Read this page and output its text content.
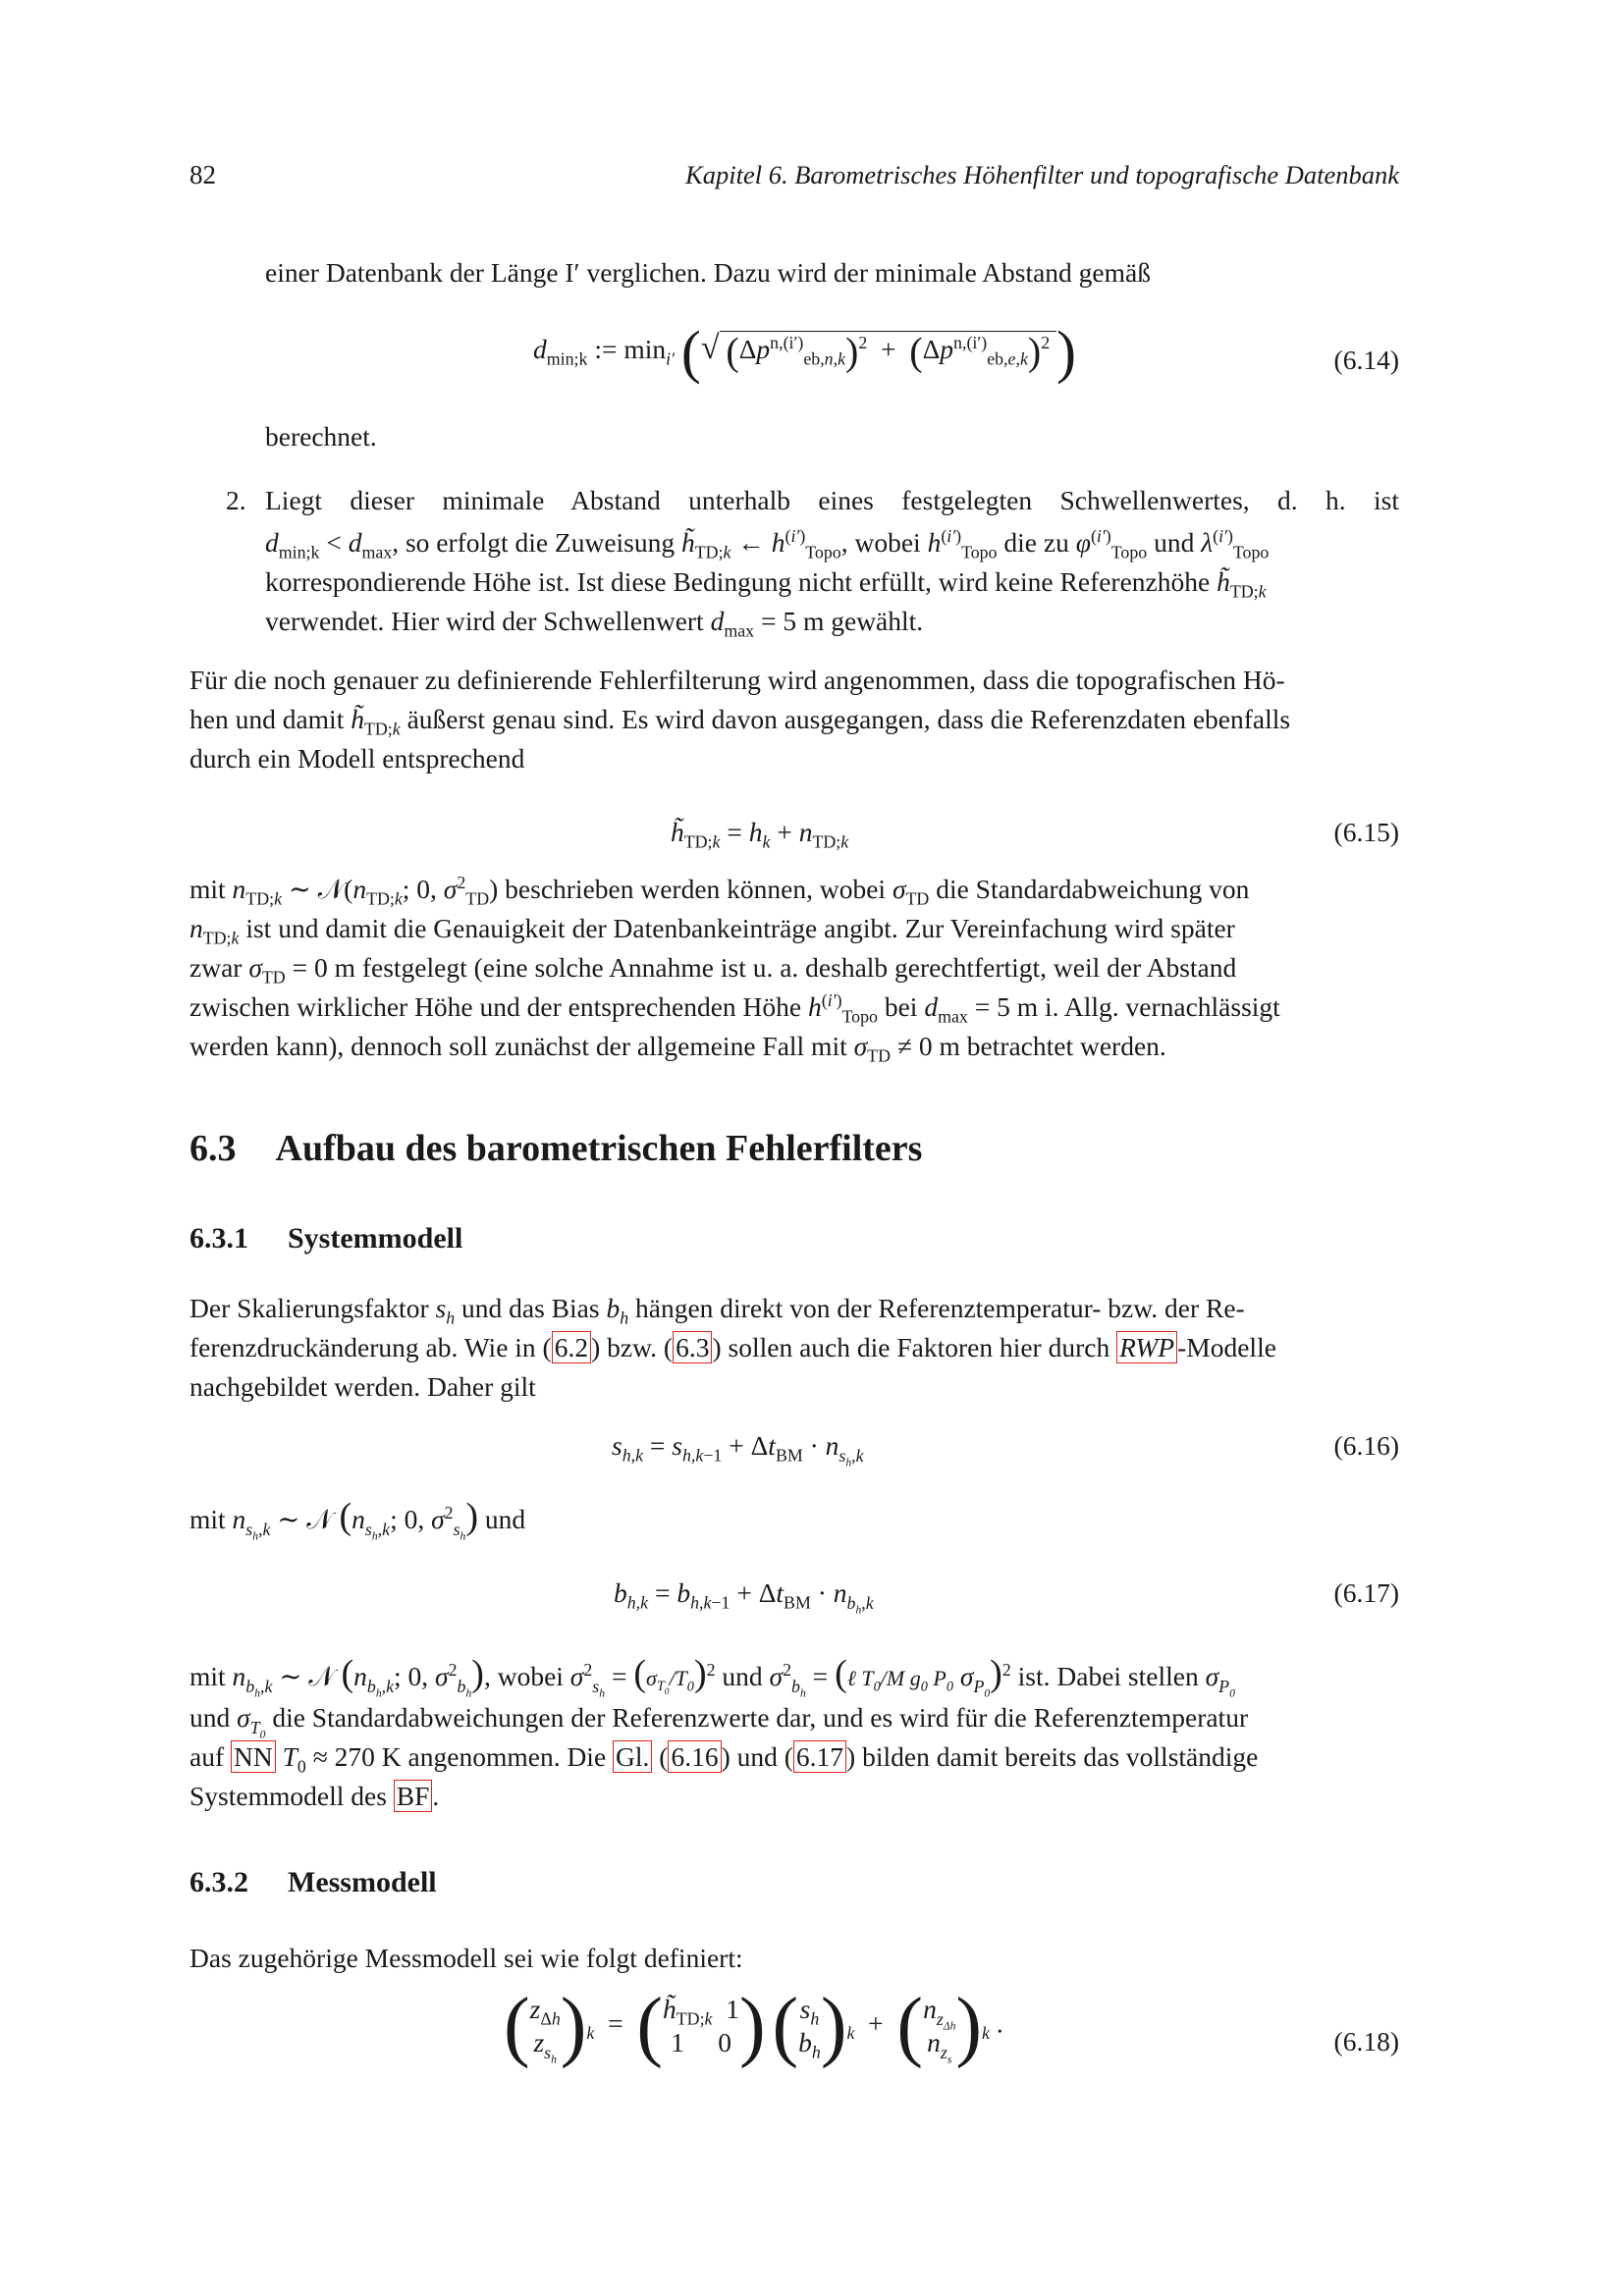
82	Kapitel 6. Barometrisches Höhenfilter und topografische Datenbank

einer Datenbank der Länge I′ verglichen. Dazu wird der minimale Abstand gemäß

$d_{min;k}$ := $\min_{i'}$ (√ $(\Delta p^{n,(i')}_{eb,n,k})^2 + (\Delta p^{n,(i')}_{eb,e,k})^2$ )	(6.14)

berechnet.

2. Liegt dieser minimale Abstand unterhalb eines festgelegten Schwellenwertes, d. h. ist

$d_{min;k} < d_{max}$, so erfolgt die Zuweisung $h̃_{TD;k}$ ← $h^{(i')}_{Topo}$, wobei $h^{(i')}_{Topo}$ die zu $\varphi^{(i')}_{Topo}$ und $\lambda^{(i')}_{Topo}$

korrespondierende Höhe ist. Ist diese Bedingung nicht erfüllt, wird keine Referenzhöhe $h̃_{TD;k}$

verwendet. Hier wird der Schwellenwert $d_{max} = 5$ m gewählt.

Für die noch genauer zu definierende Fehlerfilterung wird angenommen, dass die topografischen Hö-

hen und damit $h̃_{TD;k}$ äußerst genau sind. Es wird davon ausgegangen, dass die Referenzdaten ebenfalls

durch ein Modell entsprechend

$h̃_{TD;k} = h_k + n_{TD;k}$	(6.15)

mit $n_{TD;k}$ ∼ $𝒩(n_{TD;k}$; 0, $\sigma^2_{TD}$) beschrieben werden können, wobei $\sigma_{TD}$ die Standardabweichung von

$n_{TD;k}$ ist und damit die Genauigkeit der Datenbankeinträge angibt. Zur Vereinfachung wird später

zwar $\sigma_{TD} = 0$ m festgelegt (eine solche Annahme ist u. a. deshalb gerechtfertigt, weil der Abstand

zwischen wirklicher Höhe und der entsprechenden Höhe $h^{(i')}_{Topo}$ bei $d_{max} = 5$ m i. Allg. vernachlässigt

werden kann), dennoch soll zunächst der allgemeine Fall mit $\sigma_{TD} \ne 0$ m betrachtet werden.

6.3 Aufbau des barometrischen Fehlerfilters
6.3.1 Systemmodell

Der Skalierungsfaktor $s_h$ und das Bias $b_h$ hängen direkt von der Referenztemperatur- bzw. der Re-

ferenzdruckänderung ab. Wie in ( 6.2 ) bzw. ( 6.3 ) sollen auch die Faktoren hier durch RWP -Modelle

nachgebildet werden. Daher gilt

$s_{h,k} = s_{h,k-1} + \Delta t_{BM} \cdot n_{s_h,k}$	(6.16)

mit $n_{s_h,k}$ ∼ 𝒩 ($n_{s_h,k}$; 0, $\sigma^2_{s_h}$) und

$b_{h,k} = b_{h,k-1} + \Delta t_{BM} \cdot n_{b_h,k}$	(6.17)

mit $n_{b_h,k}$ ∼ 𝒩 ($n_{b_h,k}$; 0, $\sigma^2_{b_h}$), wobei $\sigma^2_{s_h} = (\sigma_{T_0}/T_0)^2$ und $\sigma^2_{b_h}$ = (ℓ $T_0/M$ $g_0$ $P_0$ $\sigma_{P_0})^2$ ist. Dabei stellen $\sigma_{P_0}$

und $\sigma_{T_0}$ die Standardabweichungen der Referenzwerte dar, und es wird für die Referenztemperatur

auf NN $T_0 \approx 270$ K angenommen. Die Gl. ( 6.16 ) und ( 6.17 ) bilden damit bereits das vollständige

Systemmodell des BF .

6.3.2 Messmodell

Das zugehörige Messmodell sei wie folgt definiert:

($z_{\Delta h}$
$z_{s_h})_k$  =  ($h̃_{TD;k}$  1
1     0 ) ($s_h$
$b_h)_k + (n_{z_{\Delta h}}$
$n_{z_s})_k$ .
(6.18)
